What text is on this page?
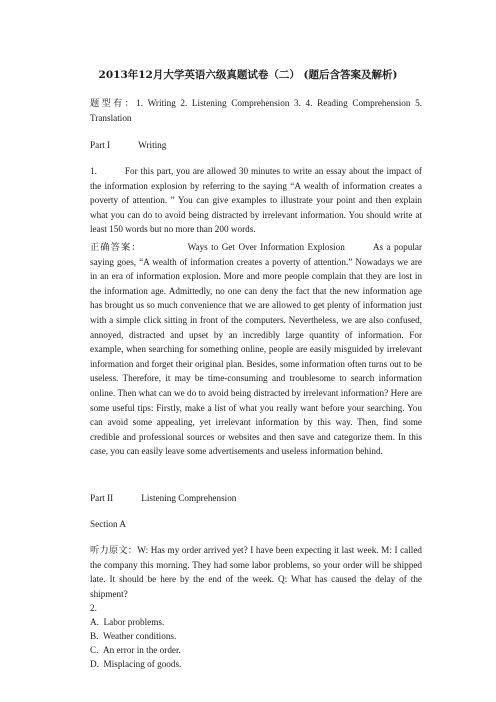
2013年12月大学英语六级真题试卷（二） (题后含答案及解析)

题型有：1. Writing 2. Listening Comprehension 3. 4. Reading Comprehension 5. Translation

Part I	Writing

1.	For this part, you are allowed 30 minutes to write an essay about the impact of the information explosion by referring to the saying “A wealth of information creates a poverty of attention. ” You can give examples to illustrate your point and then explain what you can do to avoid being distracted by irrelevant information. You should write at least 150 words but no more than 200 words.

正确答案：	Ways to Get Over Information Explosion	As a popular saying goes, “A wealth of information creates a poverty of attention.” Nowadays we are in an era of information explosion. More and more people complain that they are lost in the information age. Admittedly, no one can deny the fact that the new information age has brought us so much convenience that we are allowed to get plenty of information just with a simple click sitting in front of the computers. Nevertheless, we are also confused, annoyed, distracted and upset by an incredibly large quantity of information. For example, when searching for something online, people are easily misguided by irrelevant information and forget their original plan. Besides, some information often turns out to be useless. Therefore, it may be time-consuming and troublesome to search information online. Then what can we do to avoid being distracted by irrelevant information? Here are some useful tips: Firstly, make a list of what you really want before your searching. You can avoid some appealing, yet irrelevant information by this way. Then, find some credible and professional sources or websites and then save and categorize them. In this case, you can easily leave some advertisements and useless information behind.

Part II	Listening Comprehension
Section A

听力原文：W: Has my order arrived yet? I have been expecting it last week. M: I called the company this morning. They had some labor problems, so your order will be shipped late. It should be here by the end of the week. Q: What has caused the delay of the shipment?

2.
A. Labor problems.
B. Weather conditions.
C. An error in the order.
D. Misplacing of goods.
